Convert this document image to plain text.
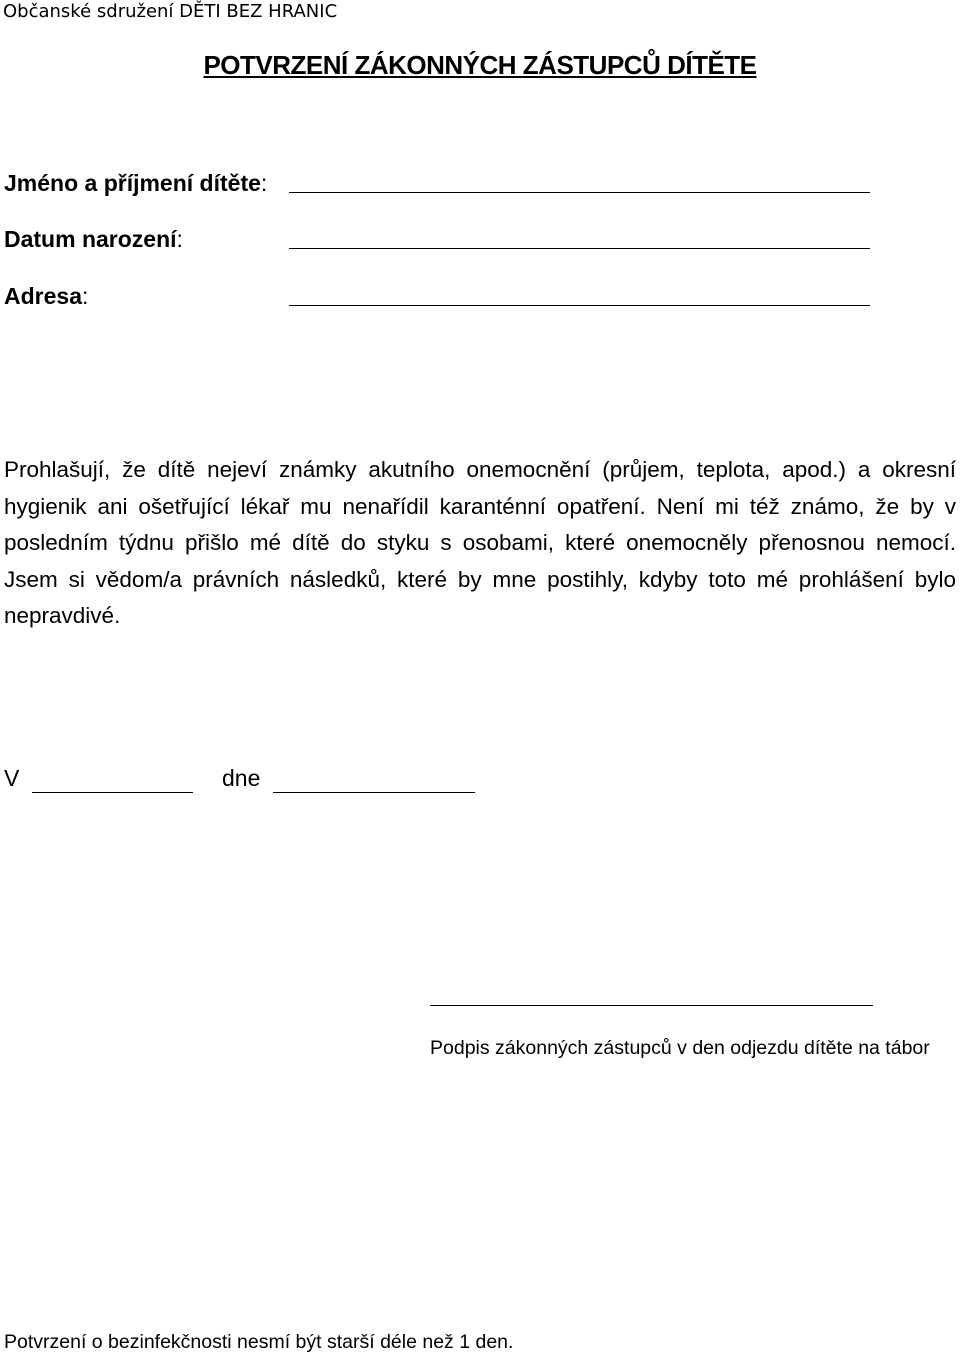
Občanské sdružení DĚTI BEZ HRANIC
POTVRZENÍ ZÁKONNÝCH ZÁSTUPCŮ DÍTĚTE
Jméno a příjmení dítěte:
Datum narození:
Adresa:
Prohlašují, že dítě nejeví známky akutního onemocnění (průjem, teplota, apod.) a okresní hygienik ani ošetřující lékař mu nenařídil karanténní opatření. Není mi též známo, že by v posledním týdnu přišlo mé dítě do styku s osobami, které onemocněly přenosnou nemocí. Jsem si vědom/a právních následků, které by mne postihly, kdyby toto mé prohlášení bylo nepravdivé.
V	dne
Podpis zákonných zástupců v den odjezdu dítěte na tábor
Potvrzení o bezinfekčnosti nesmí být starší déle než 1 den.
